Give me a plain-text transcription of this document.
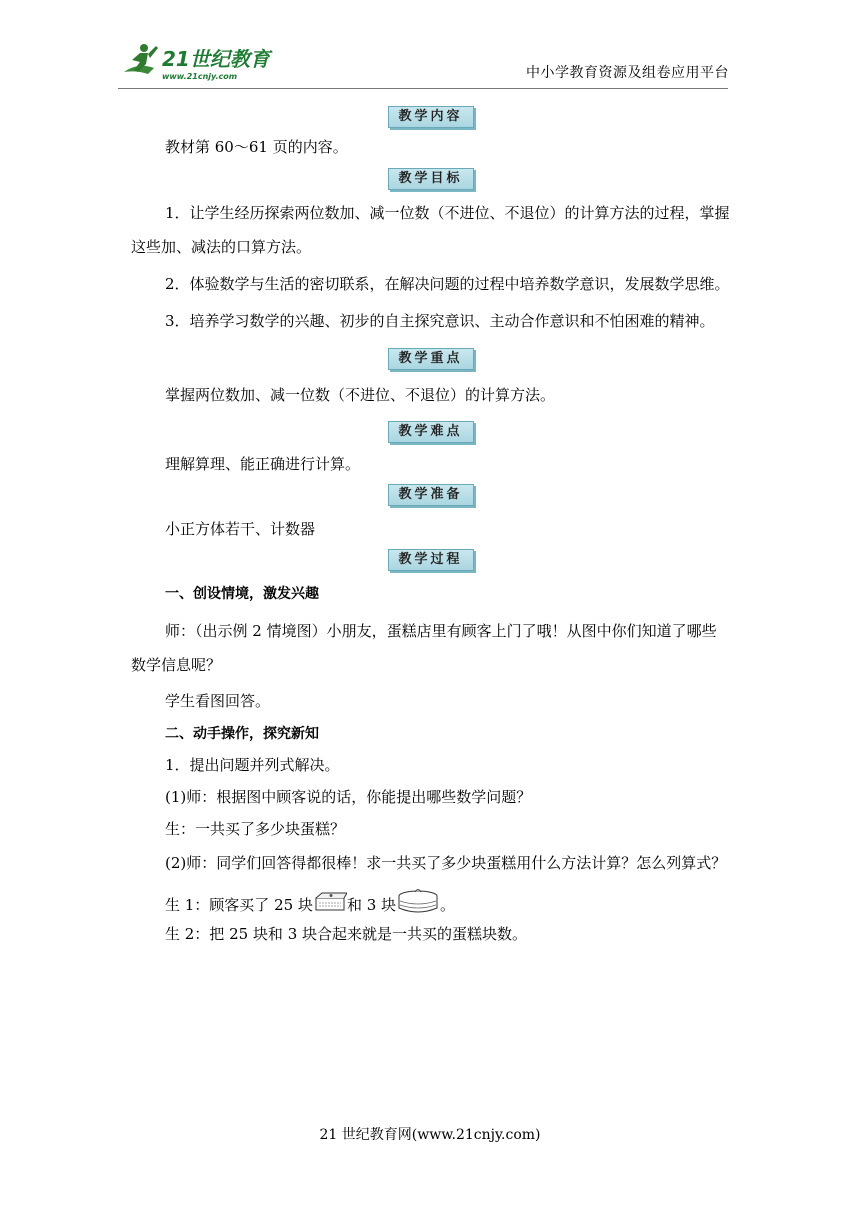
21世纪教育
www.21cnjy.com	中小学教育资源及组卷应用平台
教学内容

教材第 60～61 页的内容。

教学目标

1．让学生经历探索两位数加、减一位数（不进位、不退位）的计算方法的过程，掌握这些加、减法的口算方法。

2．体验数学与生活的密切联系，在解决问题的过程中培养数学意识，发展数学思维。

3．培养学习数学的兴趣、初步的自主探究意识、主动合作意识和不怕困难的精神。

教学重点

掌握两位数加、减一位数（不进位、不退位）的计算方法。

教学难点

理解算理、能正确进行计算。

教学准备

小正方体若干、计数器

教学过程

一、创设情境，激发兴趣

师：（出示例 2 情境图）小朋友，蛋糕店里有顾客上门了哦！从图中你们知道了哪些数学信息呢？

学生看图回答。

二、动手操作，探究新知

1．提出问题并列式解决。

(1)师：根据图中顾客说的话，你能提出哪些数学问题？

生：一共买了多少块蛋糕？

(2)师：同学们回答得都很棒！求一共买了多少块蛋糕用什么方法计算？怎么列算式？

生 1：顾客买了 25 块 和 3 块	。

生 2：把 25 块和 3 块合起来就是一共买的蛋糕块数。

21 世纪教育网(www.21cnjy.com)
